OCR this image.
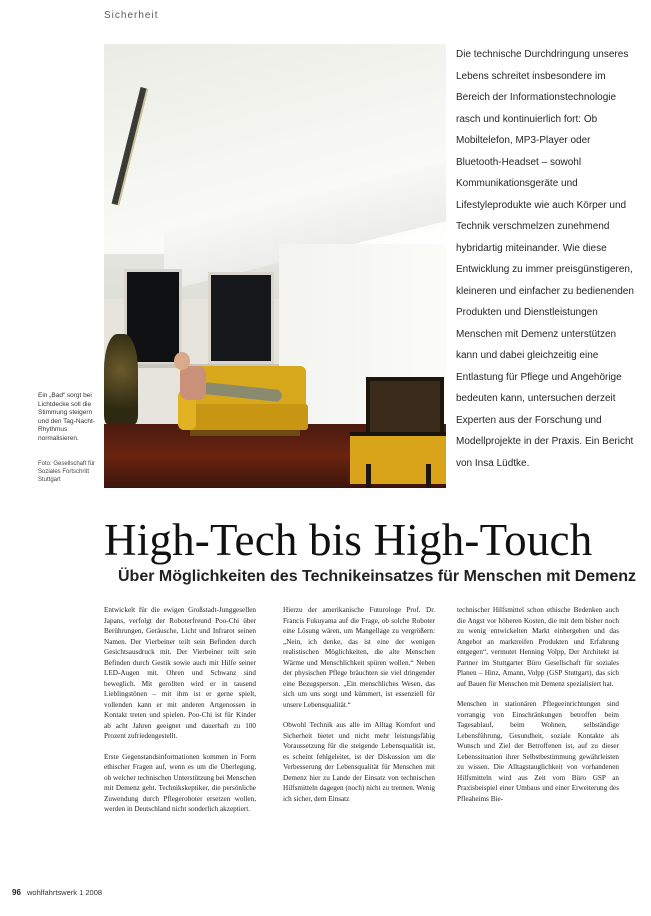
Sicherheit
Die technische Durchdringung unseres Lebens schreitet insbesondere im Bereich der Informationstechnologie rasch und kontinuierlich fort: Ob Mobiltelefon, MP3-Player oder Bluetooth-Headset – sowohl Kommunikationsgeräte und Lifestyleprodukte wie auch Körper und Technik verschmelzen zunehmend hybridartig miteinander. Wie diese Entwicklung zu immer preisgünstigeren, kleineren und einfacher zu bedienenden Produkten und Dienstleistungen Menschen mit Demenz unterstützen kann und dabei gleichzeitig eine Entlastung für Pflege und Angehörige bedeuten kann, untersuchen derzeit Experten aus der Forschung und Modellprojekte in der Praxis. Ein Bericht von Insa Lüdtke.
Ein „Bad“ sorgt bei Lichtdecke soll die Stimmung steigern und den Tag-Nacht-Rhythmus normalisieren.
Foto: Gesellschaft für Soziales Fortschritt Stuttgart
High-Tech bis High-Touch
Über Möglichkeiten des Technikeinsatzes für Menschen mit Demenz

Entwickelt für die ewigen Großstadt-Junggesellen Japans, verfolgt der Roboterfreund Poo-Chi über Berührungen, Geräusche, Licht und Infrarot seinen Namen. Der Vierbeiner teilt sein Befinden durch Gesichtsausdruck mit. Der Vierbeiner teilt sein Befinden durch Gestik sowie auch mit Hilfe seiner LED-Augen mit. Ohren und Schwanz sind beweglich. Mit gerollten wird er in tausend Lieblingstönen – mit ihm ist er gerne spielt, vollenden kann er mit anderen Artgenossen in Kontakt treten und spielen. Poo-Chi ist für Kinder ab acht Jahren geeignet und dauerhaft zu 100 Prozent zufriedengestellt.

Erste Gegenstandsinformationen kommen in Form ethischer Fragen auf, wenn es um die Überlegung, ob welcher technischen Unterstützung bei Menschen mit Demenz geht. Technikskeptiker, die persönliche Zuwendung durch Pflegeroboter ersetzen wollen, werden in Deutschland nicht sonderlich akzeptiert.

Hierzu der amerikanische Futurologe Prof. Dr. Francis Fukuyama auf die Frage, ob solche Roboter eine Lösung wären, um Mangellage zu vergrößern: „Nein, ich denke, das ist eine der wenigen realistischen Möglichkeiten, die alte Menschen Wärme und Menschlichkeit spüren wollen.“ Neben der physischen Pflege bräuchten sie viel dringender eine Bezugsperson. „Ein menschliches Wesen, das sich um uns sorgt und kümmert, ist essenziell für unsere Lebensqualität.“

Obwohl Technik aus alle im Alltag Komfort und Sicherheit bietet und nicht mehr leistungsfähig Voraussetzung für die steigende Lebensqualität ist, es scheint fehlgeleitet, ist der Diskussion um die Verbesserung der Lebensqualität für Menschen mit Demenz hier zu Lande der Einsatz von technischen Hilfsmitteln dagegen (noch) nicht zu trennen. Wenig ich sicher, dem Einsatz

technischer Hilfsmittel schon ethische Bedenken auch die Angst vor höheren Kosten, die mit dem bisher noch zu wenig entwickelten Markt einhergehen und das Angebot an marktreifen Produkten und Erfahrung entgegen“, vermutet Henning Volpp, Der Architekt ist Partner im Stuttgarter Büro Gesellschaft für soziales Planen – Hinz, Amann, Volpp (GSP Stuttgart), das sich auf Bauen für Menschen mit Demenz spezialisiert hat.

Menschen in stationären Pflegeeinrichtungen sind vorrangig von Einschränkungen betroffen beim Tagesablauf, beim Wohnen, selbständige Lebensführung, Gesundheit, soziale Kontakte als Wunsch und Ziel der Betroffenen ist, auf zu dieser Lebenssituation ihrer Selbstbestimmung gewährleisten zu wissen. Die Alltagstauglichkeit von vorhandenen Hilfsmitteln wird aus Zeit vom Büro GSP an Praxisbeispiel einer Umbaus und einer Erweiterung des Pfleaheims Bie-

96 wohlfahrtswerk 1 2008
